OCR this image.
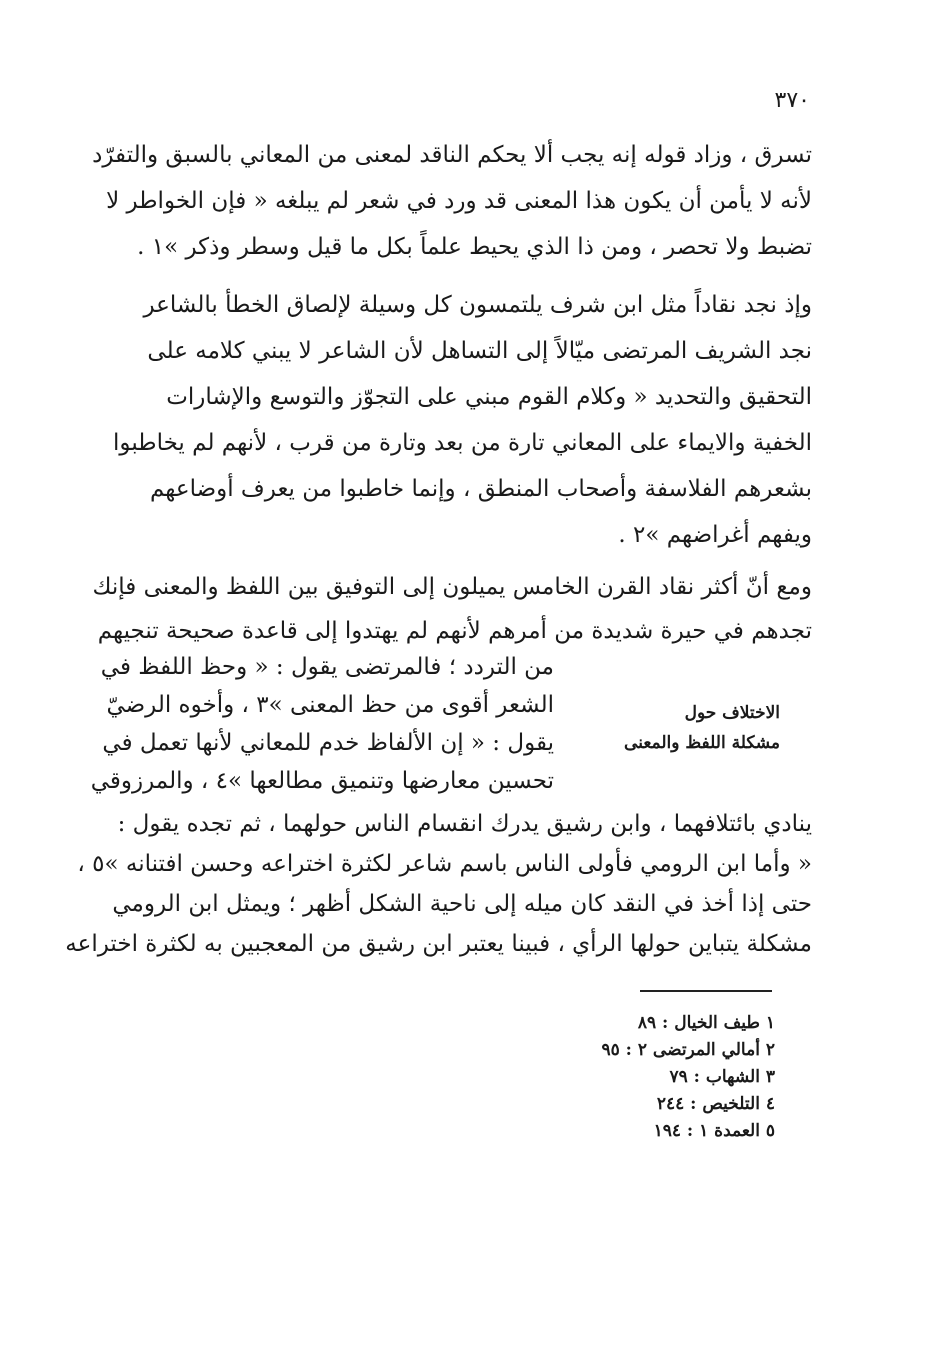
٣٧٠
تسرق ، وزاد قوله إنه يجب ألا يحكم الناقد لمعنى من المعاني بالسبق والتفرّد
لأنه لا يأمن أن يكون هذا المعنى قد ورد في شعر لم يبلغه « فإن الخواطر لا
تضبط ولا تحصر ، ومن ذا الذي يحيط علماً بكل ما قيل وسطر وذكر »١ .
وإذ نجد نقاداً مثل ابن شرف يلتمسون كل وسيلة لإلصاق الخطأ بالشاعر
نجد الشريف المرتضى ميّالاً إلى التساهل لأن الشاعر لا يبني كلامه على
التحقيق والتحديد « وكلام القوم مبني على التجوّز والتوسع والإشارات
الخفية والايماء على المعاني تارة من بعد وتارة من قرب ، لأنهم لم يخاطبوا
بشعرهم الفلاسفة وأصحاب المنطق ، وإنما خاطبوا من يعرف أوضاعهم
ويفهم أغراضهم »٢ .
ومع أنّ أكثر نقاد القرن الخامس يميلون إلى التوفيق بين اللفظ والمعنى فإنك
تجدهم في حيرة شديدة من أمرهم لأنهم لم يهتدوا إلى قاعدة صحيحة تنجيهم
من التردد ؛ فالمرتضى يقول : « وحظ اللفظ في
الشعر أقوى من حظ المعنى »٣ ، وأخوه الرضيّ
يقول : « إن الألفاظ خدم للمعاني لأنها تعمل في
تحسين معارضها وتنميق مطالعها »٤ ، والمرزوقي
الاختلاف حول
مشكلة اللفظ والمعنى
ينادي بائتلافهما ، وابن رشيق يدرك انقسام الناس حولهما ، ثم تجده يقول :
« وأما ابن الرومي فأولى الناس باسم شاعر لكثرة اختراعه وحسن افتنانه »٥ ،
حتى إذا أخذ في النقد كان ميله إلى ناحية الشكل أظهر ؛ ويمثل ابن الرومي
مشكلة يتباين حولها الرأي ، فبينا يعتبر ابن رشيق من المعجبين به لكثرة اختراعه
١ طيف الخيال : ٨٩
٢ أمالي المرتضى ٢ : ٩٥
٣ الشهاب : ٧٩
٤ التلخيص : ٢٤٤
٥ العمدة ١ : ١٩٤
